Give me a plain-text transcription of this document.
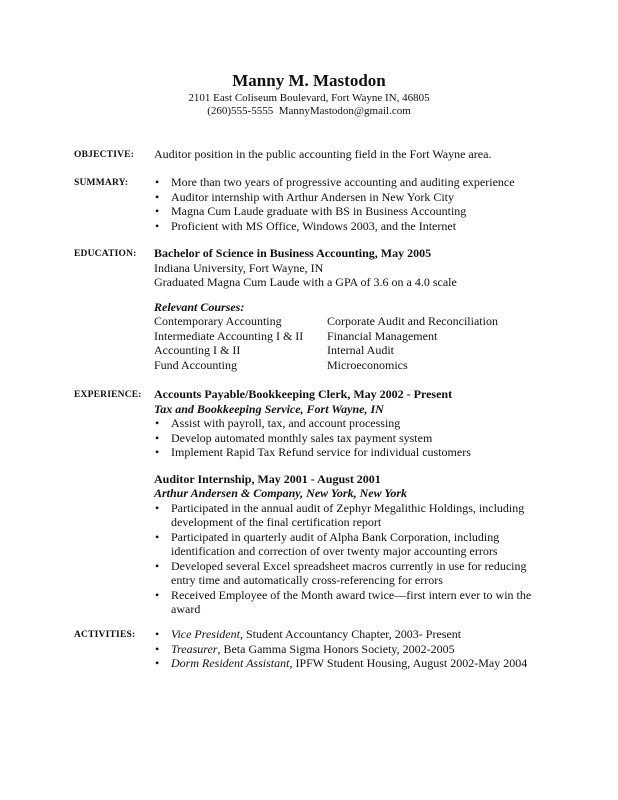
Manny M. Mastodon
2101 East Coliseum Boulevard, Fort Wayne IN, 46805
(260)555-5555 MannyMastodon@gmail.com
OBJECTIVE: Auditor position in the public accounting field in the Fort Wayne area.
SUMMARY: • More than two years of progressive accounting and auditing experience
• Auditor internship with Arthur Andersen in New York City
• Magna Cum Laude graduate with BS in Business Accounting
• Proficient with MS Office, Windows 2003, and the Internet
EDUCATION: Bachelor of Science in Business Accounting, May 2005
Indiana University, Fort Wayne, IN
Graduated Magna Cum Laude with a GPA of 3.6 on a 4.0 scale
Relevant Courses:
Contemporary Accounting
Intermediate Accounting I & II
Accounting I & II
Fund Accounting
Corporate Audit and Reconciliation
Financial Management
Internal Audit
Microeconomics
EXPERIENCE: Accounts Payable/Bookkeeping Clerk, May 2002 - Present
Tax and Bookkeeping Service, Fort Wayne, IN
• Assist with payroll, tax, and account processing
• Develop automated monthly sales tax payment system
• Implement Rapid Tax Refund service for individual customers
Auditor Internship, May 2001 - August 2001
Arthur Andersen & Company, New York, New York
• Participated in the annual audit of Zephyr Megalithic Holdings, including development of the final certification report
• Participated in quarterly audit of Alpha Bank Corporation, including identification and correction of over twenty major accounting errors
• Developed several Excel spreadsheet macros currently in use for reducing entry time and automatically cross-referencing for errors
• Received Employee of the Month award twice—first intern ever to win the award
ACTIVITIES: • Vice President, Student Accountancy Chapter, 2003- Present
• Treasurer, Beta Gamma Sigma Honors Society, 2002-2005
• Dorm Resident Assistant, IPFW Student Housing, August 2002-May 2004
